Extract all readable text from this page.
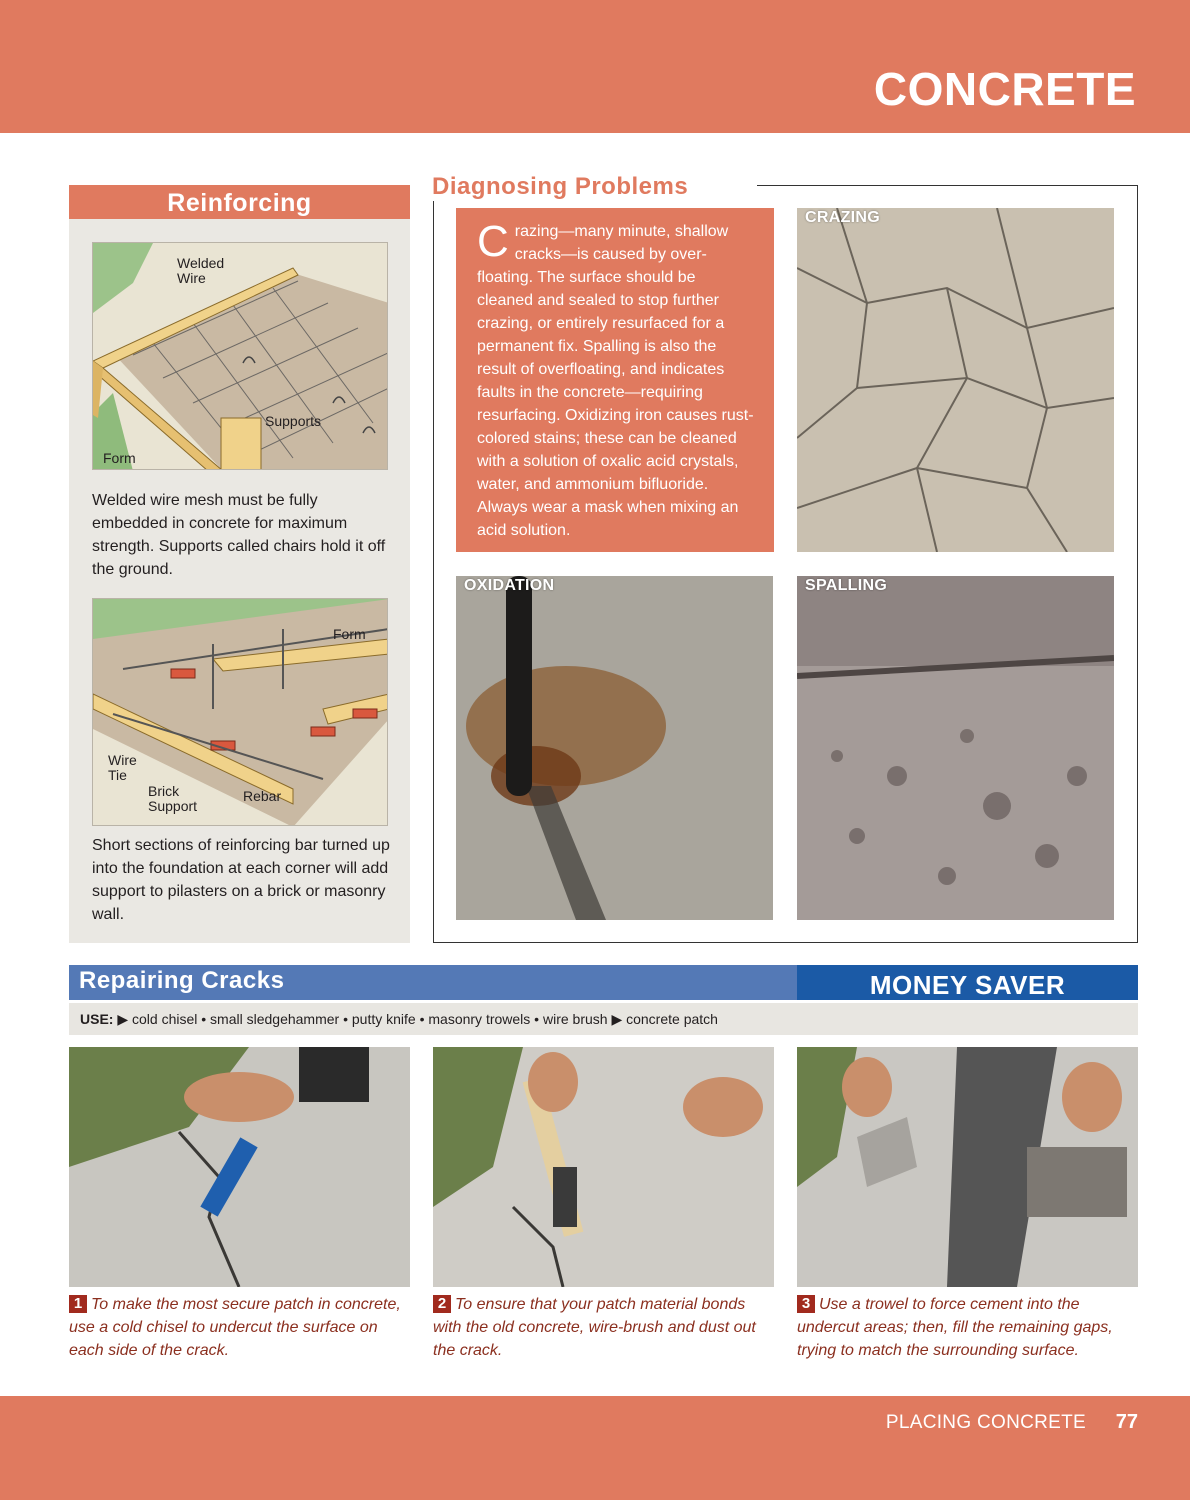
CONCRETE
Reinforcing
Welded
Wire
Supports
Form
Welded wire mesh must be fully embedded in concrete for maximum strength. Supports called chairs hold it off the ground.
Form
Wire
Tie
Brick
Support
Rebar
Short sections of reinforcing bar turned up into the foundation at each corner will add support to pilasters on a brick or masonry wall.
Diagnosing Problems
Crazing—many minute, shallow cracks—is caused by over-floating. The surface should be cleaned and sealed to stop further crazing, or entirely resurfaced for a permanent fix. Spalling is also the result of overfloating, and indicates faults in the concrete—requiring resurfacing. Oxidizing iron causes rust-colored stains; these can be cleaned with a solution of oxalic acid crystals, water, and ammonium bifluoride. Always wear a mask when mixing an acid solution.
CRAZING
OXIDATION	SPALLING
Repairing Cracks	MONEY SAVER
USE: ▶ cold chisel • small sledgehammer • putty knife • masonry trowels • wire brush ▶ concrete patch
1 To make the most secure patch in concrete, use a cold chisel to undercut the surface on each side of the crack.
2 To ensure that your patch material bonds with the old concrete, wire-brush and dust out the crack.
3 Use a trowel to force cement into the undercut areas; then, fill the remaining gaps, trying to match the surrounding surface.
PLACING CONCRETE 77
